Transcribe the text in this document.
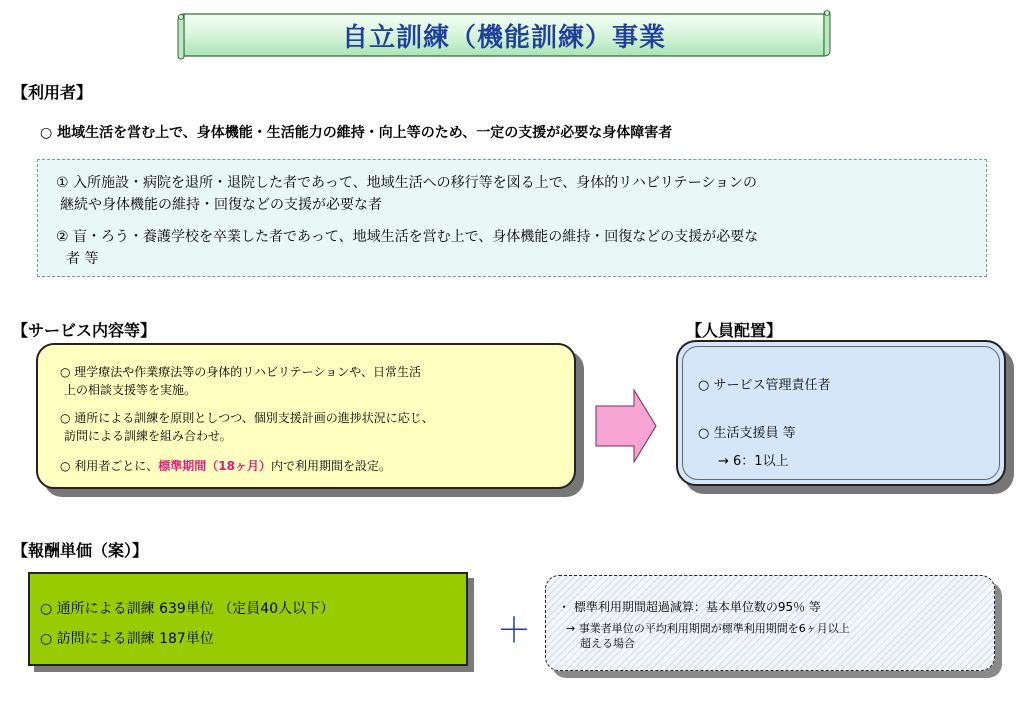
自立訓練（機能訓練）事業
【利用者】
○ 地域生活を営む上で、身体機能・生活能力の維持・向上等のため、一定の支援が必要な身体障害者
① 入所施設・病院を退所・退院した者であって、地域生活への移行等を図る上で、身体的リハビリテーションの
継続や身体機能の維持・回復などの支援が必要な者
② 盲・ろう・養護学校を卒業した者であって、地域生活を営む上で、身体機能の維持・回復などの支援が必要な
者 等
【サービス内容等】
○ 理学療法や作業療法等の身体的リハビリテーションや、日常生活
上の相談支援等を実施。
○ 通所による訓練を原則としつつ、個別支援計画の進捗状況に応じ、
訪問による訓練を組み合わせ。
○ 利用者ごとに、標準期間（18ヶ月）内で利用期間を設定。
【人員配置】
○ サービス管理責任者
○ 生活支援員 等
→ 6：1以上
【報酬単価（案）】
○ 通所による訓練 639単位 （定員40人以下）
○ 訪問による訓練 187単位	＋
・ 標準利用期間超過減算：基本単位数の95％ 等
→ 事業者単位の平均利用期間が標準利用期間を6ヶ月以上
超える場合
